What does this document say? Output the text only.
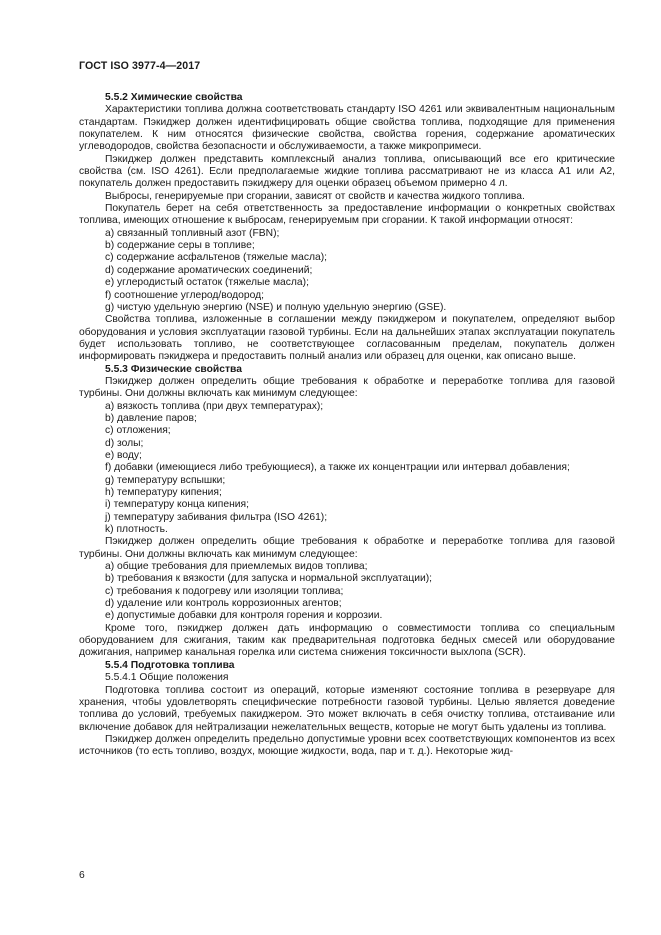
ГОСТ ISO 3977-4—2017

5.5.2 Химические свойства

Характеристики топлива должна соответствовать стандарту ISO 4261 или эквивалентным национальным стандартам. Пэкиджер должен идентифицировать общие свойства топлива, подходящие для применения покупателем. К ним относятся физические свойства, свойства горения, содержание ароматических углеводородов, свойства безопасности и обслуживаемости, а также микропримеси.

Пэкиджер должен представить комплексный анализ топлива, описывающий все его критические свойства (см. ISO 4261). Если предполагаемые жидкие топлива рассматривают не из класса A1 или A2, покупатель должен предоставить пэкиджеру для оценки образец объемом примерно 4 л.

Выбросы, генерируемые при сгорании, зависят от свойств и качества жидкого топлива.

Покупатель берет на себя ответственность за предоставление информации о конкретных свойствах топлива, имеющих отношение к выбросам, генерируемым при сгорании. К такой информации относят:

a) связанный топливный азот (FBN);

b) содержание серы в топливе;

c) содержание асфальтенов (тяжелые масла);

d) содержание ароматических соединений;

e) углеродистый остаток (тяжелые масла);

f) соотношение углерод/водород;

g) чистую удельную энергию (NSE) и полную удельную энергию (GSE).

Свойства топлива, изложенные в соглашении между пэкиджером и покупателем, определяют выбор оборудования и условия эксплуатации газовой турбины. Если на дальнейших этапах эксплуатации покупатель будет использовать топливо, не соответствующее согласованным пределам, покупатель должен информировать пэкиджера и предоставить полный анализ или образец для оценки, как описано выше.

5.5.3 Физические свойства

Пэкиджер должен определить общие требования к обработке и переработке топлива для газовой турбины. Они должны включать как минимум следующее:

a) вязкость топлива (при двух температурах);

b) давление паров;

c) отложения;

d) золы;

e) воду;

f) добавки (имеющиеся либо требующиеся), а также их концентрации или интервал добавления;

g) температуру вспышки;

h) температуру кипения;

i) температуру конца кипения;

j) температуру забивания фильтра (ISO 4261);

k) плотность.

Пэкиджер должен определить общие требования к обработке и переработке топлива для газовой турбины. Они должны включать как минимум следующее:

a) общие требования для приемлемых видов топлива;

b) требования к вязкости (для запуска и нормальной эксплуатации);

c) требования к подогреву или изоляции топлива;

d) удаление или контроль коррозионных агентов;

e) допустимые добавки для контроля горения и коррозии.

Кроме того, пэкиджер должен дать информацию о совместимости топлива со специальным оборудованием для сжигания, таким как предварительная подготовка бедных смесей или оборудование дожигания, например канальная горелка или система снижения токсичности выхлопа (SCR).

5.5.4 Подготовка топлива

5.5.4.1 Общие положения

Подготовка топлива состоит из операций, которые изменяют состояние топлива в резервуаре для хранения, чтобы удовлетворять специфические потребности газовой турбины. Целью является доведение топлива до условий, требуемых пакиджером. Это может включать в себя очистку топлива, отстаивание или включение добавок для нейтрализации нежелательных веществ, которые не могут быть удалены из топлива.

Пэкиджер должен определить предельно допустимые уровни всех соответствующих компонентов из всех источников (то есть топливо, воздух, моющие жидкости, вода, пар и т. д.). Некоторые жид-

6
